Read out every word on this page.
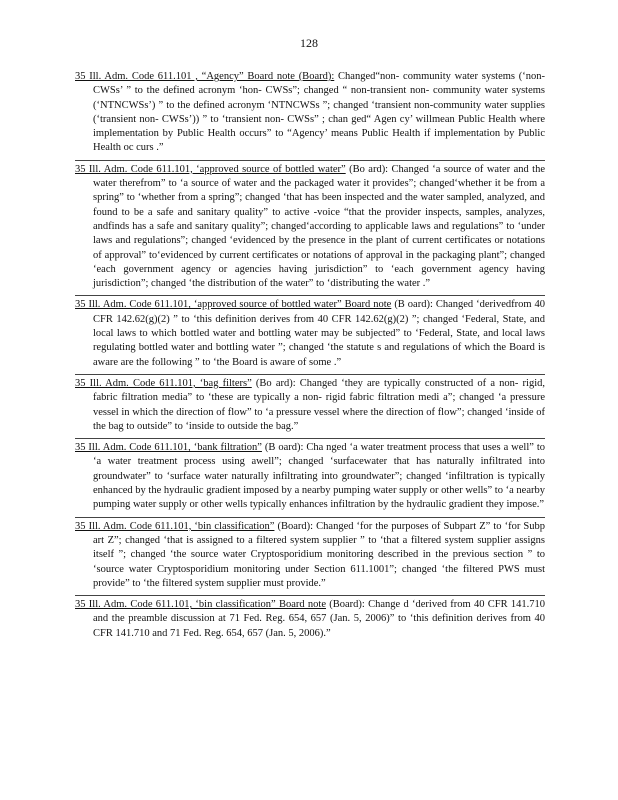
128

35 Ill. Adm. Code 611.101 , “Agency” Board note (Board): Changed“non- community water systems (‘non- CWSs’ ” to the defined acronym ‘hon- CWSs”; changed “ non-transient non- community water systems (‘NTNCWSs’) ” to the defined acronym ‘NTNCWSs ”; changed ‘transient non-community water supplies (‘transient non- CWSs’)) ” to ‘transient non- CWSs” ; chan ged“ Agen cy’ willmean Public Health where implementation by Public Health occurs” to “Agency’ means Public Health if implementation by Public Health oc curs .”

35 Ill. Adm. Code 611.101, ‘approved source of bottled water” (Bo ard): Changed ‘a source of water and the water therefrom” to ‘a source of water and the packaged water it provides”; changed‘whether it be from a spring” to ‘whether from a spring”; changed ‘that has been inspected and the water sampled, analyzed, and found to be a safe and sanitary quality” to active -voice “that the provider inspects, samples, analyzes, andfinds has a safe and sanitary quality”; changed‘according to applicable laws and regulations” to ‘under laws and regulations”; changed ‘evidenced by the presence in the plant of current certificates or notations of approval” to‘evidenced by current certificates or notations of approval in the packaging plant”; changed ‘each government agency or agencies having jurisdiction” to ‘each government agency having jurisdiction”; changed ‘the distribution of the water” to ‘distributing the water .”

35 Ill. Adm. Code 611.101, ‘approved source of bottled water” Board note (B oard): Changed ‘derivedfrom 40 CFR 142.62(g)(2) ” to ‘this definition derives from 40 CFR 142.62(g)(2) ”; changed ‘Federal, State, and local laws to which bottled water and bottling water may be subjected” to ‘Federal, State, and local laws regulating bottled water and bottling water ”; changed ‘the statute s and regulations of which the Board is aware are the following ” to ‘the Board is aware of some .”

35 Ill. Adm. Code 611.101, ‘bag filters” (Bo ard): Changed ‘they are typically constructed of a non- rigid, fabric filtration media” to ‘these are typically a non- rigid fabric filtration medi a”; changed ‘a pressure vessel in which the direction of flow” to ‘a pressure vessel where the direction of flow”; changed ‘inside of the bag to outside” to ‘inside to outside the bag.”

35 Ill. Adm. Code 611.101, ‘bank filtration” (B oard): Cha nged ‘a water treatment process that uses a well” to ‘a water treatment process using awell”; changed ‘surfacewater that has naturally infiltrated into groundwater” to ‘surface water naturally infiltrating into groundwater”; changed ‘infiltration is typically enhanced by the hydraulic gradient imposed by a nearby pumping water supply or other wells” to ‘a nearby pumping water supply or other wells typically enhances infiltration by the hydraulic gradient they impose.”

35 Ill. Adm. Code 611.101, ‘bin classification” (Board): Changed ‘for the purposes of Subpart Z” to ‘for Subp art Z”; changed ‘that is assigned to a filtered system supplier ” to ‘that a filtered system supplier assigns itself ”; changed ‘the source water Cryptosporidium monitoring described in the previous section ” to ‘source water Cryptosporidium monitoring under Section 611.1001”; changed ‘the filtered PWS must provide” to ‘the filtered system supplier must provide.”

35 Ill. Adm. Code 611.101, ‘bin classification” Board note (Board): Change d ‘derived from 40 CFR 141.710 and the preamble discussion at 71 Fed. Reg. 654, 657 (Jan. 5, 2006)” to ‘this definition derives from 40 CFR 141.710 and 71 Fed. Reg. 654, 657 (Jan. 5, 2006).”
